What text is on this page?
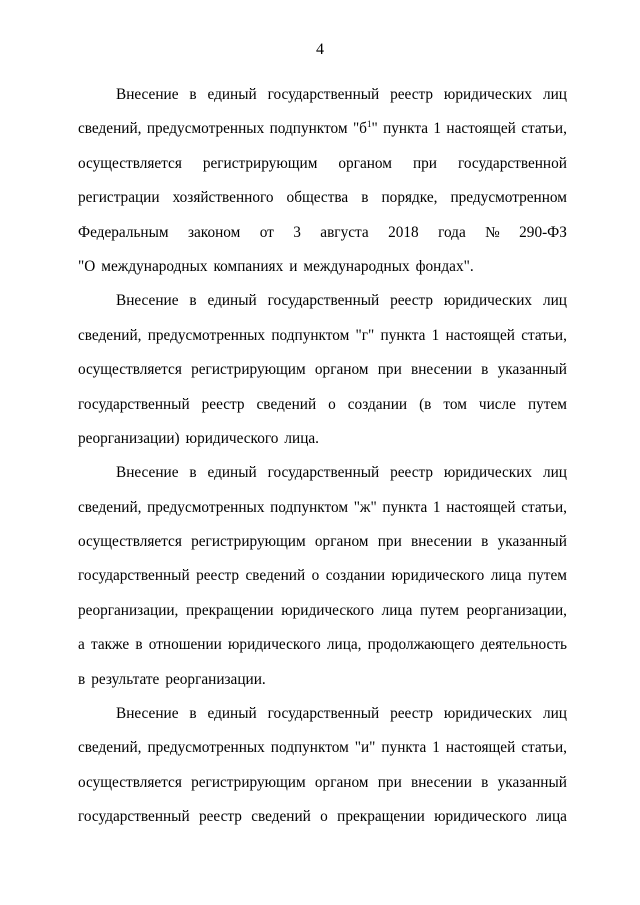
4
Внесение в единый государственный реестр юридических лиц
сведений, предусмотренных подпунктом "$б^1$" пункта 1 настоящей статьи,
осуществляется регистрирующим органом при государственной
регистрации хозяйственного общества в порядке, предусмотренном
Федеральным законом от 3 августа 2018 года № 290-ФЗ
"О международных компаниях и международных фондах".
Внесение в единый государственный реестр юридических лиц
сведений, предусмотренных подпунктом "г" пункта 1 настоящей статьи,
осуществляется регистрирующим органом при внесении в указанный
государственный реестр сведений о создании (в том числе путем
реорганизации) юридического лица.
Внесение в единый государственный реестр юридических лиц
сведений, предусмотренных подпунктом "ж" пункта 1 настоящей статьи,
осуществляется регистрирующим органом при внесении в указанный
государственный реестр сведений о создании юридического лица путем
реорганизации, прекращении юридического лица путем реорганизации,
а также в отношении юридического лица, продолжающего деятельность
в результате реорганизации.
Внесение в единый государственный реестр юридических лиц
сведений, предусмотренных подпунктом "и" пункта 1 настоящей статьи,
осуществляется регистрирующим органом при внесении в указанный
государственный реестр сведений о прекращении юридического лица
